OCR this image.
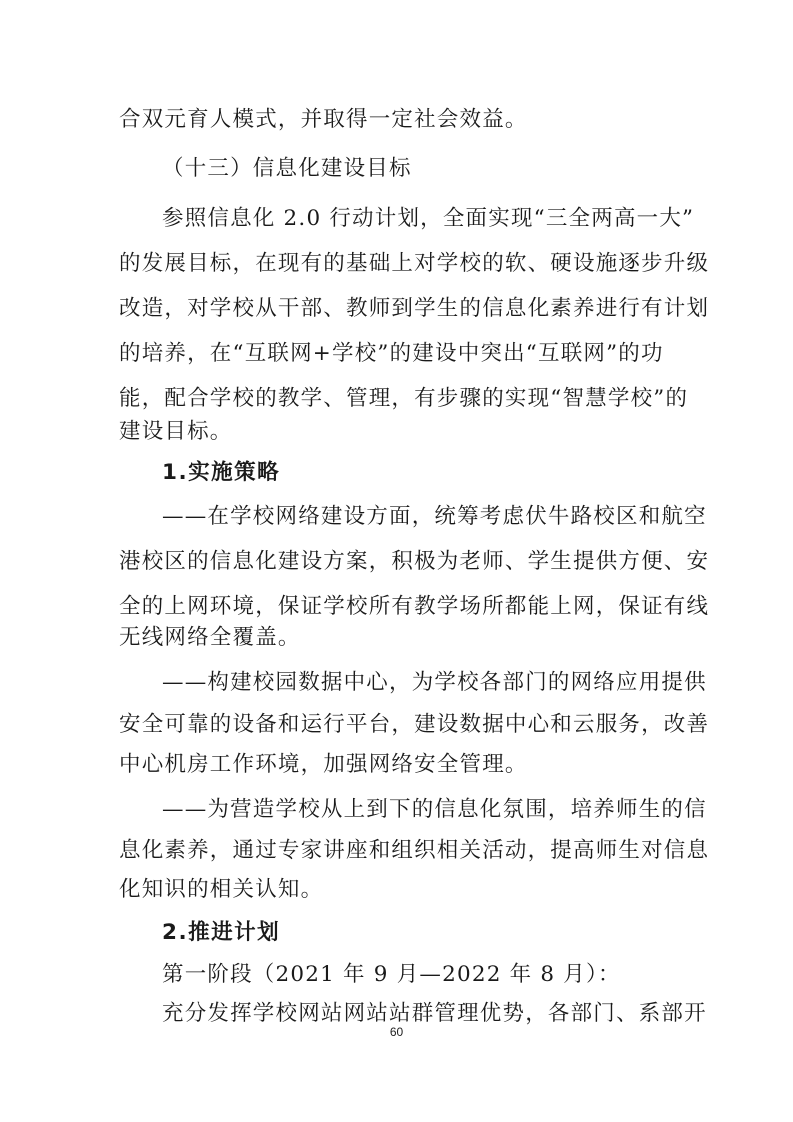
合双元育人模式，并取得一定社会效益。
（十三）信息化建设目标
参照信息化 2.0 行动计划，全面实现“三全两高一大”
的发展目标，在现有的基础上对学校的软、硬设施逐步升级
改造，对学校从干部、教师到学生的信息化素养进行有计划
的培养，在“互联网+学校”的建设中突出“互联网”的功
能，配合学校的教学、管理，有步骤的实现“智慧学校”的
建设目标。
1.实施策略
——在学校网络建设方面，统筹考虑伏牛路校区和航空
港校区的信息化建设方案，积极为老师、学生提供方便、安
全的上网环境，保证学校所有教学场所都能上网，保证有线
无线网络全覆盖。
——构建校园数据中心，为学校各部门的网络应用提供
安全可靠的设备和运行平台，建设数据中心和云服务，改善
中心机房工作环境，加强网络安全管理。
——为营造学校从上到下的信息化氛围，培养师生的信
息化素养，通过专家讲座和组织相关活动，提高师生对信息
化知识的相关认知。
2.推进计划
第一阶段（2021 年 9 月—2022 年 8 月）：
充分发挥学校网站网站站群管理优势，各部门、系部开
60
